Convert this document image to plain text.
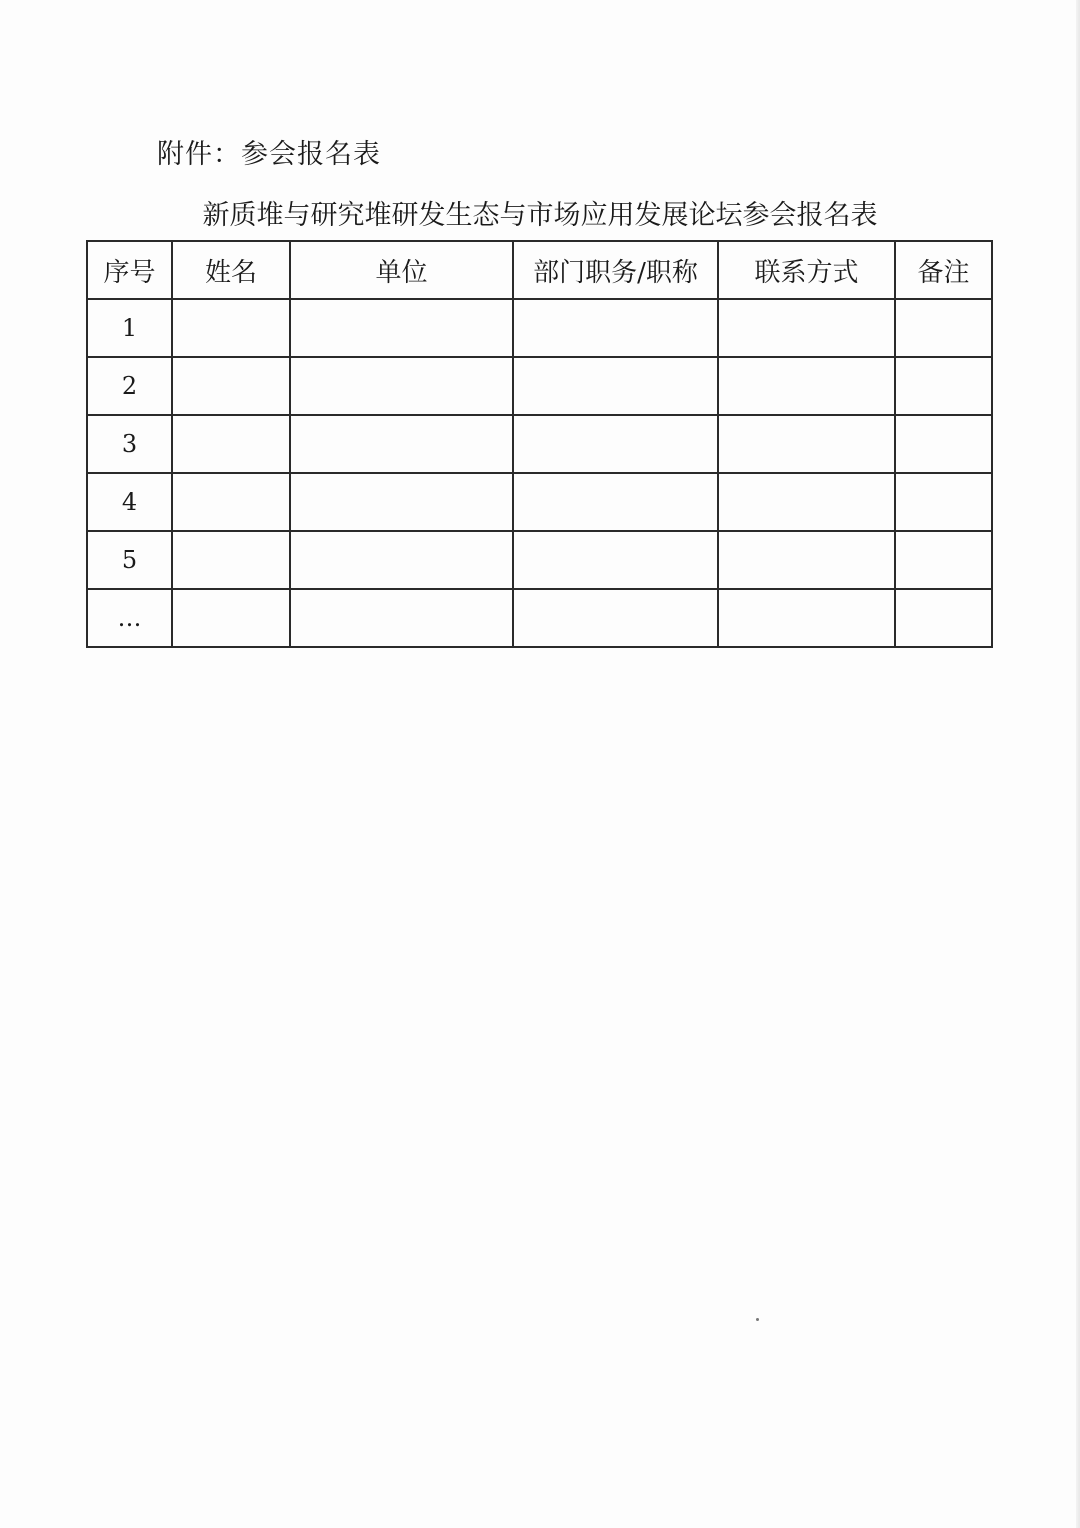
附件：参会报名表
新质堆与研究堆研发生态与市场应用发展论坛参会报名表
序号	姓名	单位	部门职务/职称	联系方式	备注
1					
2					
3					
4					
5					
…					
